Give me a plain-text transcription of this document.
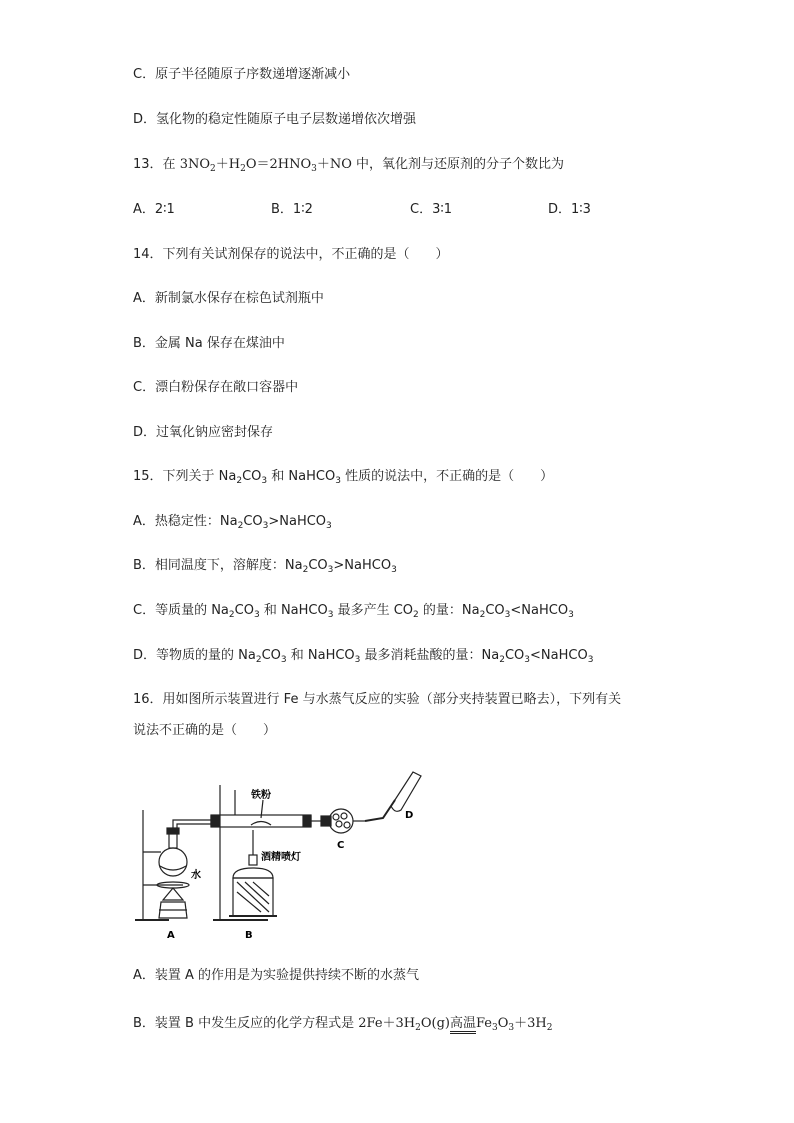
C．原子半径随原子序数递增逐渐减小
D．氢化物的稳定性随原子电子层数递增依次增强
13．在 $3NO_2+H_2O=2HNO_3+NO$ 中，氧化剂与还原剂的分子个数比为
A．2∶1	B．1∶2	C．3∶1	D．1∶3
14．下列有关试剂保存的说法中，不正确的是（　　）
A．新制氯水保存在棕色试剂瓶中
B．金属 Na 保存在煤油中
C．漂白粉保存在敞口容器中
D．过氧化钠应密封保存
15．下列关于 $Na_2CO_3$ 和 NaHCO$_3$ 性质的说法中，不正确的是（　　）
A．热稳定性：$Na_2CO_3>NaHCO_3$
B．相同温度下，溶解度：$Na_2CO_3>NaHCO_3$
C．等质量的 $Na_2CO_3$ 和 NaHCO$_3$ 最多产生 $CO_2$ 的量：$Na_2CO_3<NaHCO_3$
D．等物质的量的 $Na_2CO_3$ 和 NaHCO$_3$ 最多消耗盐酸的量：$Na_2CO_3<NaHCO_3$
16．用如图所示装置进行 Fe 与水蒸气反应的实验（部分夹持装置已略去），下列有关
说法不正确的是（　　）
铁粉
水
酒精喷灯
A	B
C
D
A．装置 A 的作用是为实验提供持续不断的水蒸气
B．装置 B 中发生反应的化学方程式是 $2Fe+3H_2O(g)$高温$Fe_3O_3+3H_2$
